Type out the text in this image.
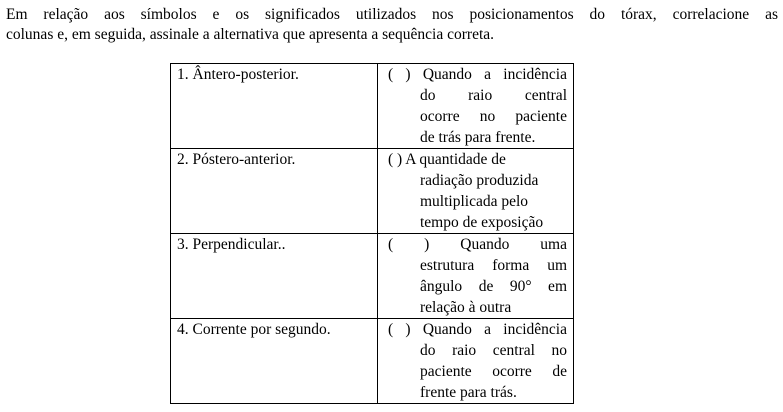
Em relação aos símbolos e os significados utilizados nos posicionamentos do tórax, correlacione as
colunas e, em seguida, assinale a alternativa que apresenta a sequência correta.
1. Ântero-posterior.	( ) Quando a incidência
do raio central
ocorre no paciente
de trás para frente.

2. Póstero-anterior.	( ) A quantidade de
radiação produzida
multiplicada pelo
tempo de exposição

3. Perpendicular..	( ) Quando uma
estrutura forma um
ângulo de 90° em
relação à outra

4. Corrente por segundo.	( ) Quando a incidência
do raio central no
paciente ocorre de
frente para trás.
